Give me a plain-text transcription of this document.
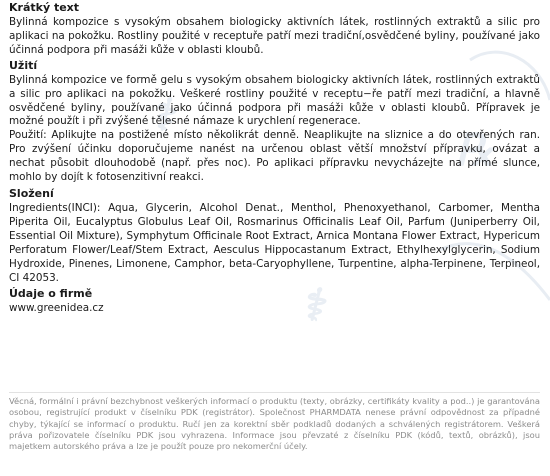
⚕
℞
⚕
Krátký text

Bylinná kompozice s vysokým obsahem biologicky aktivních látek, rostlinných extraktů a silic pro aplikaci na pokožku. Rostliny použité v receptuře patří mezi tradiční,osvědčené byliny, používané jako účinná podpora při masáži kůže v oblasti kloubů.

Užití

Bylinná kompozice ve formě gelu s vysokým obsahem biologicky aktivních látek, rostlinných extraktů a silic pro aplikaci na pokožku. Veškeré rostliny použité v receptu−ře patří mezi tradiční, a hlavně osvědčené byliny, používané jako účinná podpora při masáži kůže v oblasti kloubů. Přípravek je možné použít i při zvýšené tělesné námaze k urychlení regenerace.

Použití: Aplikujte na postižené místo několikrát denně. Neaplikujte na sliznice a do otevřených ran. Pro zvýšení účinku doporučujeme nanést na určenou oblast větší množství přípravku, ovázat a nechat působit dlouhodobě (např. přes noc). Po aplikaci přípravku nevycházejte na přímé slunce, mohlo by dojít k fotosenzitivní reakci.

Složení

Ingredients(INCI): Aqua, Glycerin, Alcohol Denat., Menthol, Phenoxyethanol, Carbomer, Mentha Piperita Oil, Eucalyptus Globulus Leaf Oil, Rosmarinus Officinalis Leaf Oil, Parfum (Juniperberry Oil, Essential Oil Mixture), Symphytum Officinale Root Extract, Arnica Montana Flower Extract, Hypericum Perforatum Flower/Leaf/Stem Extract, Aesculus Hippocastanum Extract, Ethylhexylglycerin, Sodium Hydroxide, Pinenes, Limonene, Camphor, beta-Caryophyllene, Turpentine, alpha-Terpinene, Terpineol, CI 42053.

Údaje o firmě

www.greenidea.cz

Věcná, formální i právní bezchybnost veškerých informací o produktu (texty, obrázky, certifikáty kvality a pod..) je garantována osobou, registrující produkt v číselníku PDK (registrátor). Společnost PHARMDATA nenese právní odpovědnost za případné chyby, týkající se informací o produktu. Ručí jen za korektní sběr podkladů dodaných a schválených registrátorem. Veškerá práva pořizovatele číselníku PDK jsou vyhrazena. Informace jsou převzaté z číselníku PDK (kódů, textů, obrázků), jsou majetkem autorského práva a lze je použít pouze pro nekomerční účely.
